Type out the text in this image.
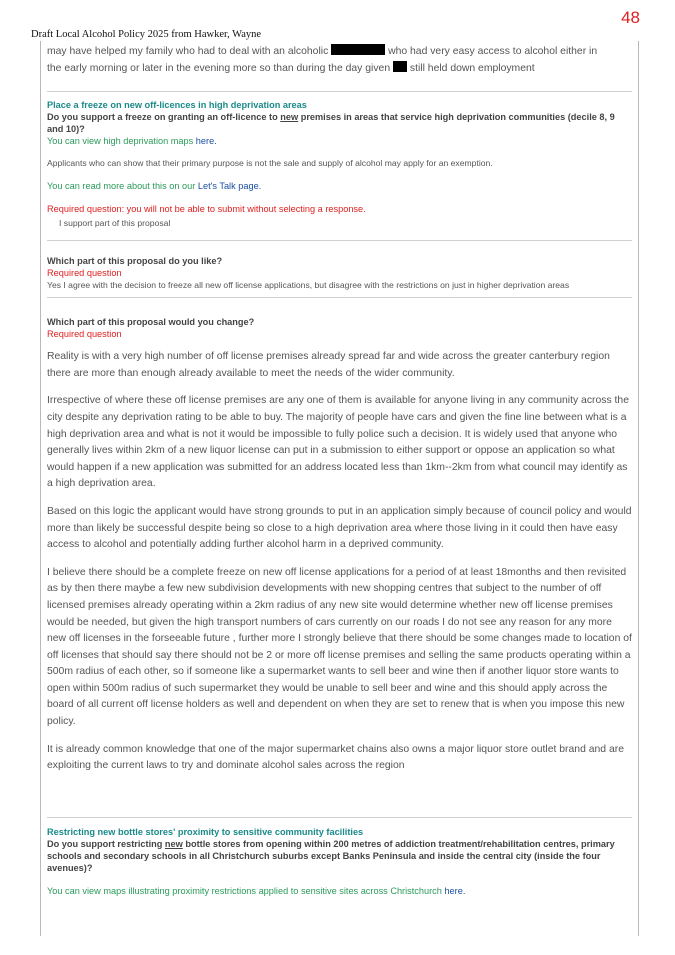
48
Draft Local Alcohol Policy 2025 from Hawker, Wayne

may have helped my family who had to deal with an alcoholic	who had very easy access to alcohol either in
the early morning or later in the evening more so than during the day given still held down employment

Place a freeze on new off-licences in high deprivation areas
Do you support a freeze on granting an off-licence to new premises in areas that service high deprivation communities (decile 8, 9 and 10)?
You can view high deprivation maps here.
Applicants who can show that their primary purpose is not the sale and supply of alcohol may apply for an exemption.
You can read more about this on our Let's Talk page.
Required question: you will not be able to submit without selecting a response.
I support part of this proposal
Which part of this proposal do you like?
Required question
Yes I agree with the decision to freeze all new off license applications, but disagree with the restrictions on just in higher deprivation areas
Which part of this proposal would you change?
Required question

Reality is with a very high number of off license premises already spread far and wide across the greater canterbury region there are more than enough already available to meet the needs of the wider community.

Irrespective of where these off license premises are any one of them is available for anyone living in any community across the city despite any deprivation rating to be able to buy. The majority of people have cars and given the fine line between what is a high deprivation area and what is not it would be impossible to fully police such a decision. It is widely used that anyone who generally lives within 2km of a new liquor license can put in a submission to either support or oppose an application so what would happen if a new application was submitted for an address located less than 1km--2km from what council may identify as a high deprivation area.

Based on this logic the applicant would have strong grounds to put in an application simply because of council policy and would more than likely be successful despite being so close to a high deprivation area where those living in it could then have easy access to alcohol and potentially adding further alcohol harm in a deprived community.

I believe there should be a complete freeze on new off license applications for a period of at least 18months and then revisited as by then there maybe a few new subdivision developments with new shopping centres that subject to the number of off licensed premises already operating within a 2km radius of any new site would determine whether new off license premises would be needed, but given the high transport numbers of cars currently on our roads I do not see any reason for any more new off licenses in the forseeable future , further more I strongly believe that there should be some changes made to location of off licenses that should say there should not be 2 or more off license premises and selling the same products operating within a 500m radius of each other, so if someone like a supermarket wants to sell beer and wine then if another liquor store wants to open within 500m radius of such supermarket they would be unable to sell beer and wine and this should apply across the board of all current off license holders as well and dependent on when they are set to renew that is when you impose this new policy.

It is already common knowledge that one of the major supermarket chains also owns a major liquor store outlet brand and are exploiting the current laws to try and dominate alcohol sales across the region

Restricting new bottle stores' proximity to sensitive community facilities
Do you support restricting new bottle stores from opening within 200 metres of addiction treatment/rehabilitation centres, primary schools and secondary schools in all Christchurch suburbs except Banks Peninsula and inside the central city (inside the four avenues)?
You can view maps illustrating proximity restrictions applied to sensitive sites across Christchurch here.
